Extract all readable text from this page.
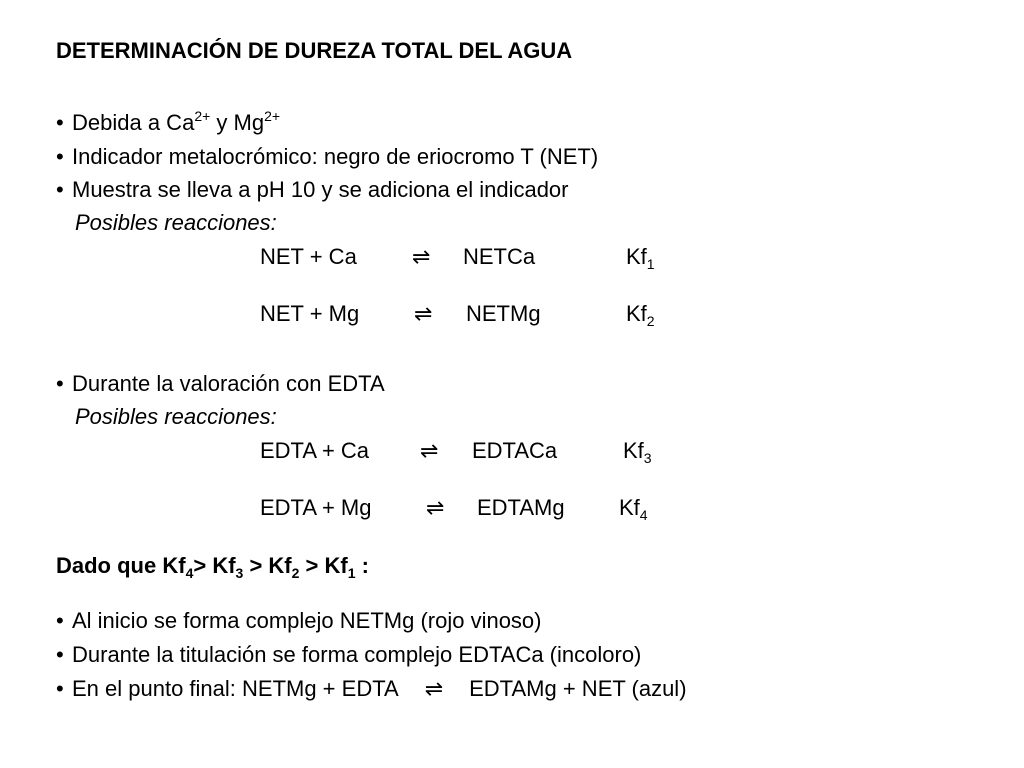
DETERMINACIÓN DE DUREZA TOTAL DEL AGUA
• Debida a $Ca^{2+}$ y $Mg^{2+}$
• Indicador metalocrómico: negro de eriocromo T (NET)
• Muestra se lleva a pH 10 y se adiciona el indicador
Posibles reacciones:
NET + Ca	⇌ NETCa	$Kf_1$
NET + Mg ⇌ NETMg	$Kf_2$
• Durante la valoración con EDTA
Posibles reacciones:
EDTA + Ca ⇌ EDTACa	$Kf_3$
EDTA + Mg ⇌ EDTAMg $Kf_4$
Dado que $Kf_4> Kf_3 > Kf_2 > Kf_1$ :
• Al inicio se forma complejo NETMg (rojo vinoso)
• Durante la titulación se forma complejo EDTACa (incoloro)
• En el punto final: NETMg + EDTA ⇌ EDTAMg + NET (azul)
